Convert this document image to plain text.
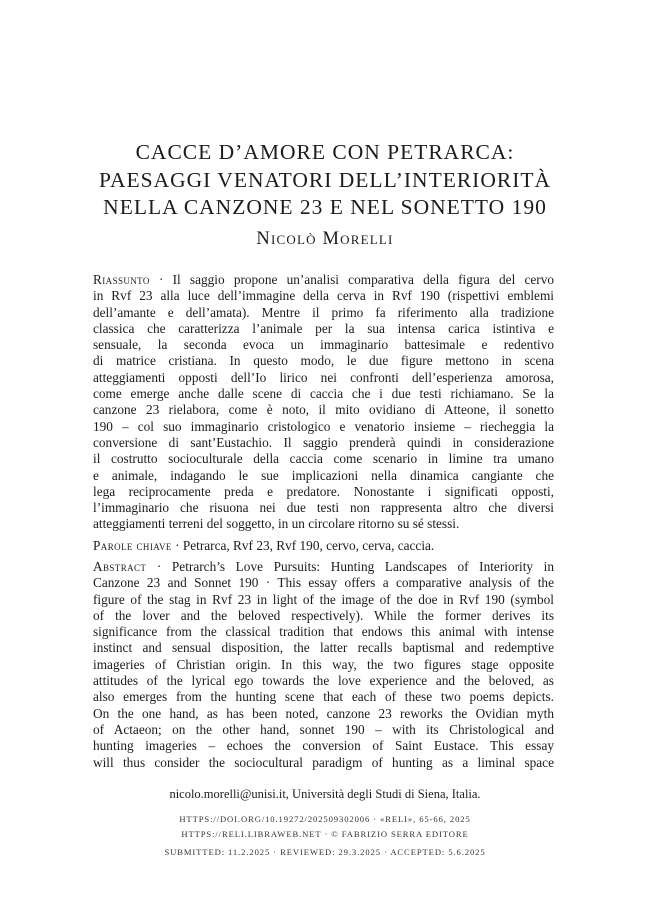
CACCE D’AMORE CON PETRARCA:
PAESAGGI VENATORI DELL’INTERIORITÀ
NELLA CANZONE 23 E NEL SONETTO 190
Nicolò Morelli
Riassunto · Il saggio propone un’analisi comparativa della figura del cervo
in Rvf 23 alla luce dell’immagine della cerva in Rvf 190 (rispettivi emblemi
dell’amante e dell’amata). Mentre il primo fa riferimento alla tradizione
classica che caratterizza l’animale per la sua intensa carica istintiva e
sensuale, la seconda evoca un immaginario battesimale e redentivo
di matrice cristiana. In questo modo, le due figure mettono in scena
atteggiamenti opposti dell’Io lirico nei confronti dell’esperienza amorosa,
come emerge anche dalle scene di caccia che i due testi richiamano. Se la
canzone 23 rielabora, come è noto, il mito ovidiano di Atteone, il sonetto
190 – col suo immaginario cristologico e venatorio insieme – riecheggia la
conversione di sant’Eustachio. Il saggio prenderà quindi in considerazione
il costrutto socioculturale della caccia come scenario in limine tra umano
e animale, indagando le sue implicazioni nella dinamica cangiante che
lega reciprocamente preda e predatore. Nonostante i significati opposti,
l’immaginario che risuona nei due testi non rappresenta altro che diversi
atteggiamenti terreni del soggetto, in un circolare ritorno su sé stessi.
Parole chiave · Petrarca, Rvf 23, Rvf 190, cervo, cerva, caccia.
Abstract · Petrarch’s Love Pursuits: Hunting Landscapes of Interiority in
Canzone 23 and Sonnet 190 · This essay offers a comparative analysis of the
figure of the stag in Rvf 23 in light of the image of the doe in Rvf 190 (symbol
of the lover and the beloved respectively). While the former derives its
significance from the classical tradition that endows this animal with intense
instinct and sensual disposition, the latter recalls baptismal and redemptive
imageries of Christian origin. In this way, the two figures stage opposite
attitudes of the lyrical ego towards the love experience and the beloved, as
also emerges from the hunting scene that each of these two poems depicts.
On the one hand, as has been noted, canzone 23 reworks the Ovidian myth
of Actaeon; on the other hand, sonnet 190 – with its Christological and
hunting imageries – echoes the conversion of Saint Eustace. This essay
will thus consider the sociocultural paradigm of hunting as a liminal space
nicolo.morelli@unisi.it, Università degli Studi di Siena, Italia.
HTTPS://DOI.ORG/10.19272/202509302006 · «RELI», 65-66, 2025
HTTPS://RELI.LIBRAWEB.NET · © FABRIZIO SERRA EDITORE
SUBMITTED: 11.2.2025 · REVIEWED: 29.3.2025 · ACCEPTED: 5.6.2025
